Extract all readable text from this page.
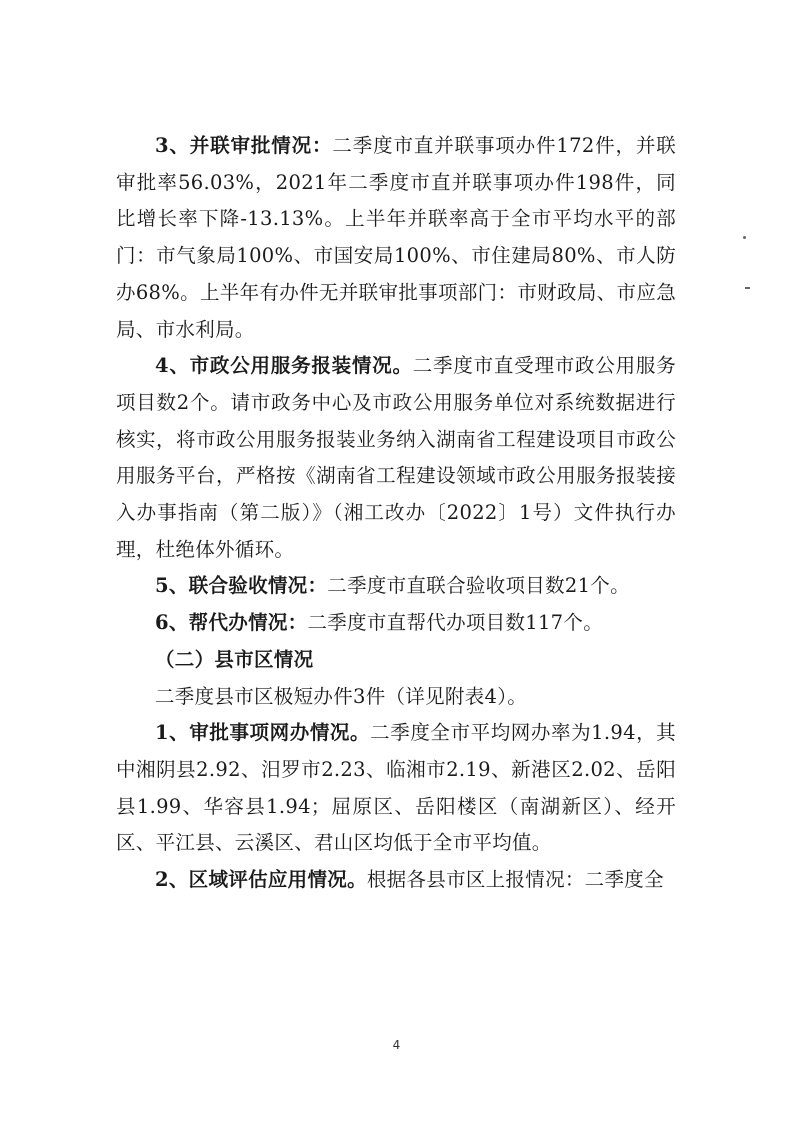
3、并联审批情况：二季度市直并联事项办件172件，并联审批率56.03%，2021年二季度市直并联事项办件198件，同比增长率下降-13.13%。上半年并联率高于全市平均水平的部门：市气象局100%、市国安局100%、市住建局80%、市人防办68%。上半年有办件无并联审批事项部门：市财政局、市应急局、市水利局。

4、市政公用服务报装情况。二季度市直受理市政公用服务项目数2个。请市政务中心及市政公用服务单位对系统数据进行核实，将市政公用服务报装业务纳入湖南省工程建设项目市政公用服务平台，严格按《湖南省工程建设领域市政公用服务报装接入办事指南（第二版）》（湘工改办〔2022〕1号）文件执行办理，杜绝体外循环。

5、联合验收情况：二季度市直联合验收项目数21个。

6、帮代办情况：二季度市直帮代办项目数117个。

（二）县市区情况

二季度县市区极短办件3件（详见附表4）。

1、审批事项网办情况。二季度全市平均网办率为1.94，其中湘阴县2.92、汨罗市2.23、临湘市2.19、新港区2.02、岳阳县1.99、华容县1.94；屈原区、岳阳楼区（南湖新区）、经开区、平江县、云溪区、君山区均低于全市平均值。

2、区域评估应用情况。根据各县市区上报情况：二季度全

4
